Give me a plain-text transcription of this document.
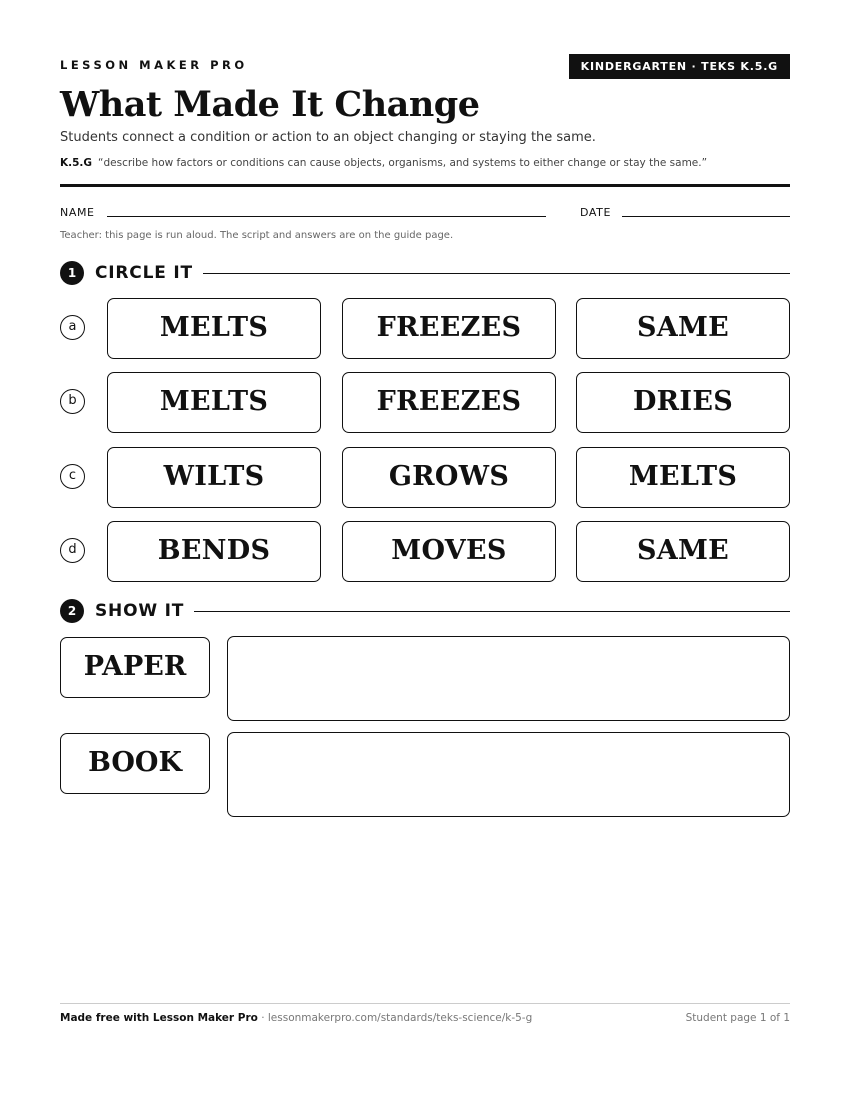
LESSON MAKER PRO	KINDERGARTEN · TEKS K.5.G
What Made It Change
Students connect a condition or action to an object changing or staying the same.
K.5.G “describe how factors or conditions can cause objects, organisms, and systems to either change or stay the same.”
NAME	DATE
Teacher: this page is run aloud. The script and answers are on the guide page.
1	CIRCLE IT
a	MELTS	FREEZES	SAME
b	MELTS	FREEZES	DRIES
c	WILTS	GROWS	MELTS
d	BENDS	MOVES	SAME
2	SHOW IT
PAPER
BOOK
Made free with Lesson Maker Pro · lessonmakerpro.com/standards/teks-science/k-5-g	Student page 1 of 1
